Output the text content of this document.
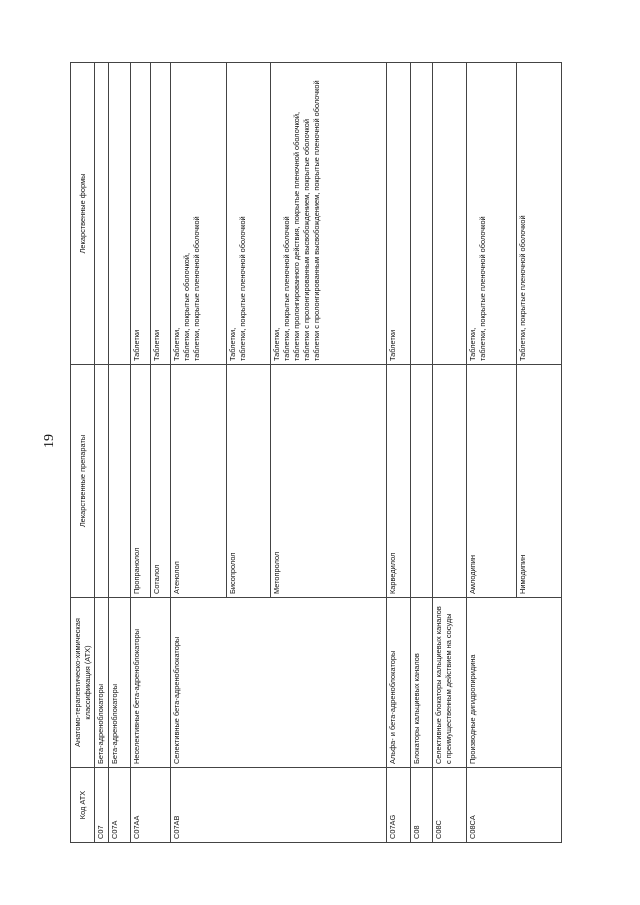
19
Код АТХ	Анатомо-терапевтическо-химическая классификация (АТХ)	Лекарственные препараты	Лекарственные формы
C07	Бета-адреноблокаторы		
C07A	Бета-адреноблокаторы		
C07AA	Неселективные бета-адреноблокаторы	Пропранолол	Таблетки

		Соталол	Таблетки

C07AB	Селективные бета-адреноблокаторы	Атенолол	Таблетки, таблетки, покрытые оболочкой, таблетки, покрытые пленочной оболочкой

		Бисопролол	Таблетки, таблетки, покрытые пленочной оболочкой

		Метопролол	Таблетки, таблетки, покрытые пленочной оболочкой таблетки пролонгированного действия, покрытые пленочной оболочкой, таблетки с пролонгированным высвобождением, покрытые оболочкой таблетки с пролонгированным высвобождением, покрытые пленочной оболочкой

C07AG	Альфа- и бета-адреноблокаторы	Карведилол	Таблетки

C08	Блокаторы кальциевых каналов		
C08C	Селективные блокаторы кальциевых каналов с преимущественным действием на сосуды		
C08CA	Производные дигидропиридина	Амлодипин	Таблетки, таблетки, покрытые пленочной оболочкой

		Нимодипин	Таблетки, покрытые пленочной оболочкой
